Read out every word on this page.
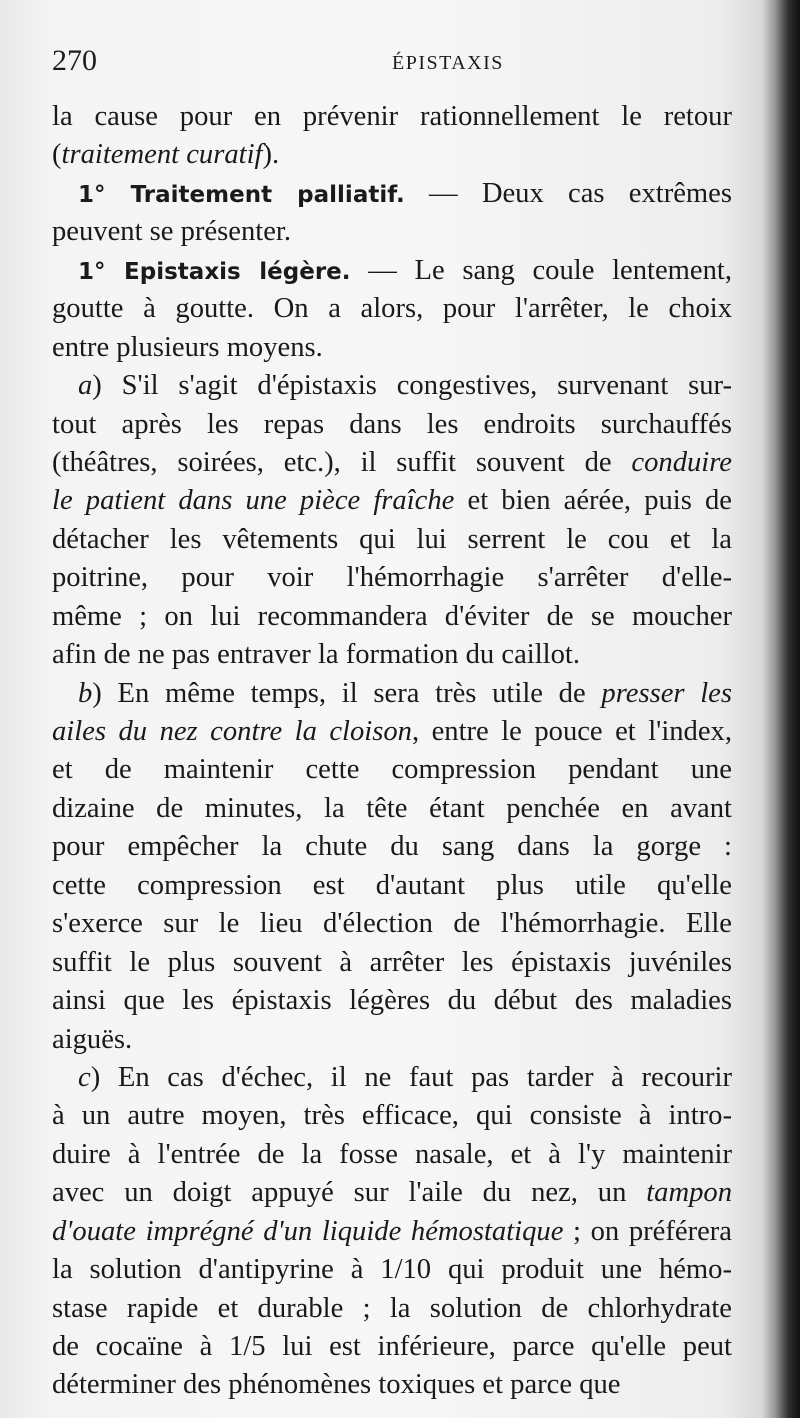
270	ÉPISTAXIS
la cause pour en prévenir rationnellement le retour
(traitement curatif).
1° Traitement palliatif. — Deux cas extrêmes
peuvent se présenter.
1° Epistaxis légère. — Le sang coule lentement,
goutte à goutte. On a alors, pour l'arrêter, le choix
entre plusieurs moyens.
a) S'il s'agit d'épistaxis congestives, survenant sur-
tout après les repas dans les endroits surchauffés
(théâtres, soirées, etc.), il suffit souvent de conduire
le patient dans une pièce fraîche et bien aérée, puis de
détacher les vêtements qui lui serrent le cou et la
poitrine, pour voir l'hémorrhagie s'arrêter d'elle-
même ; on lui recommandera d'éviter de se moucher
afin de ne pas entraver la formation du caillot.
b) En même temps, il sera très utile de presser les
ailes du nez contre la cloison, entre le pouce et l'index,
et de maintenir cette compression pendant une
dizaine de minutes, la tête étant penchée en avant
pour empêcher la chute du sang dans la gorge :
cette compression est d'autant plus utile qu'elle
s'exerce sur le lieu d'élection de l'hémorrhagie. Elle
suffit le plus souvent à arrêter les épistaxis juvéniles
ainsi que les épistaxis légères du début des maladies
aiguës.
c) En cas d'échec, il ne faut pas tarder à recourir
à un autre moyen, très efficace, qui consiste à intro-
duire à l'entrée de la fosse nasale, et à l'y maintenir
avec un doigt appuyé sur l'aile du nez, un tampon
d'ouate imprégné d'un liquide hémostatique ; on préférera
la solution d'antipyrine à 1/10 qui produit une hémo-
stase rapide et durable ; la solution de chlorhydrate
de cocaïne à 1/5 lui est inférieure, parce qu'elle peut
déterminer des phénomènes toxiques et parce que
